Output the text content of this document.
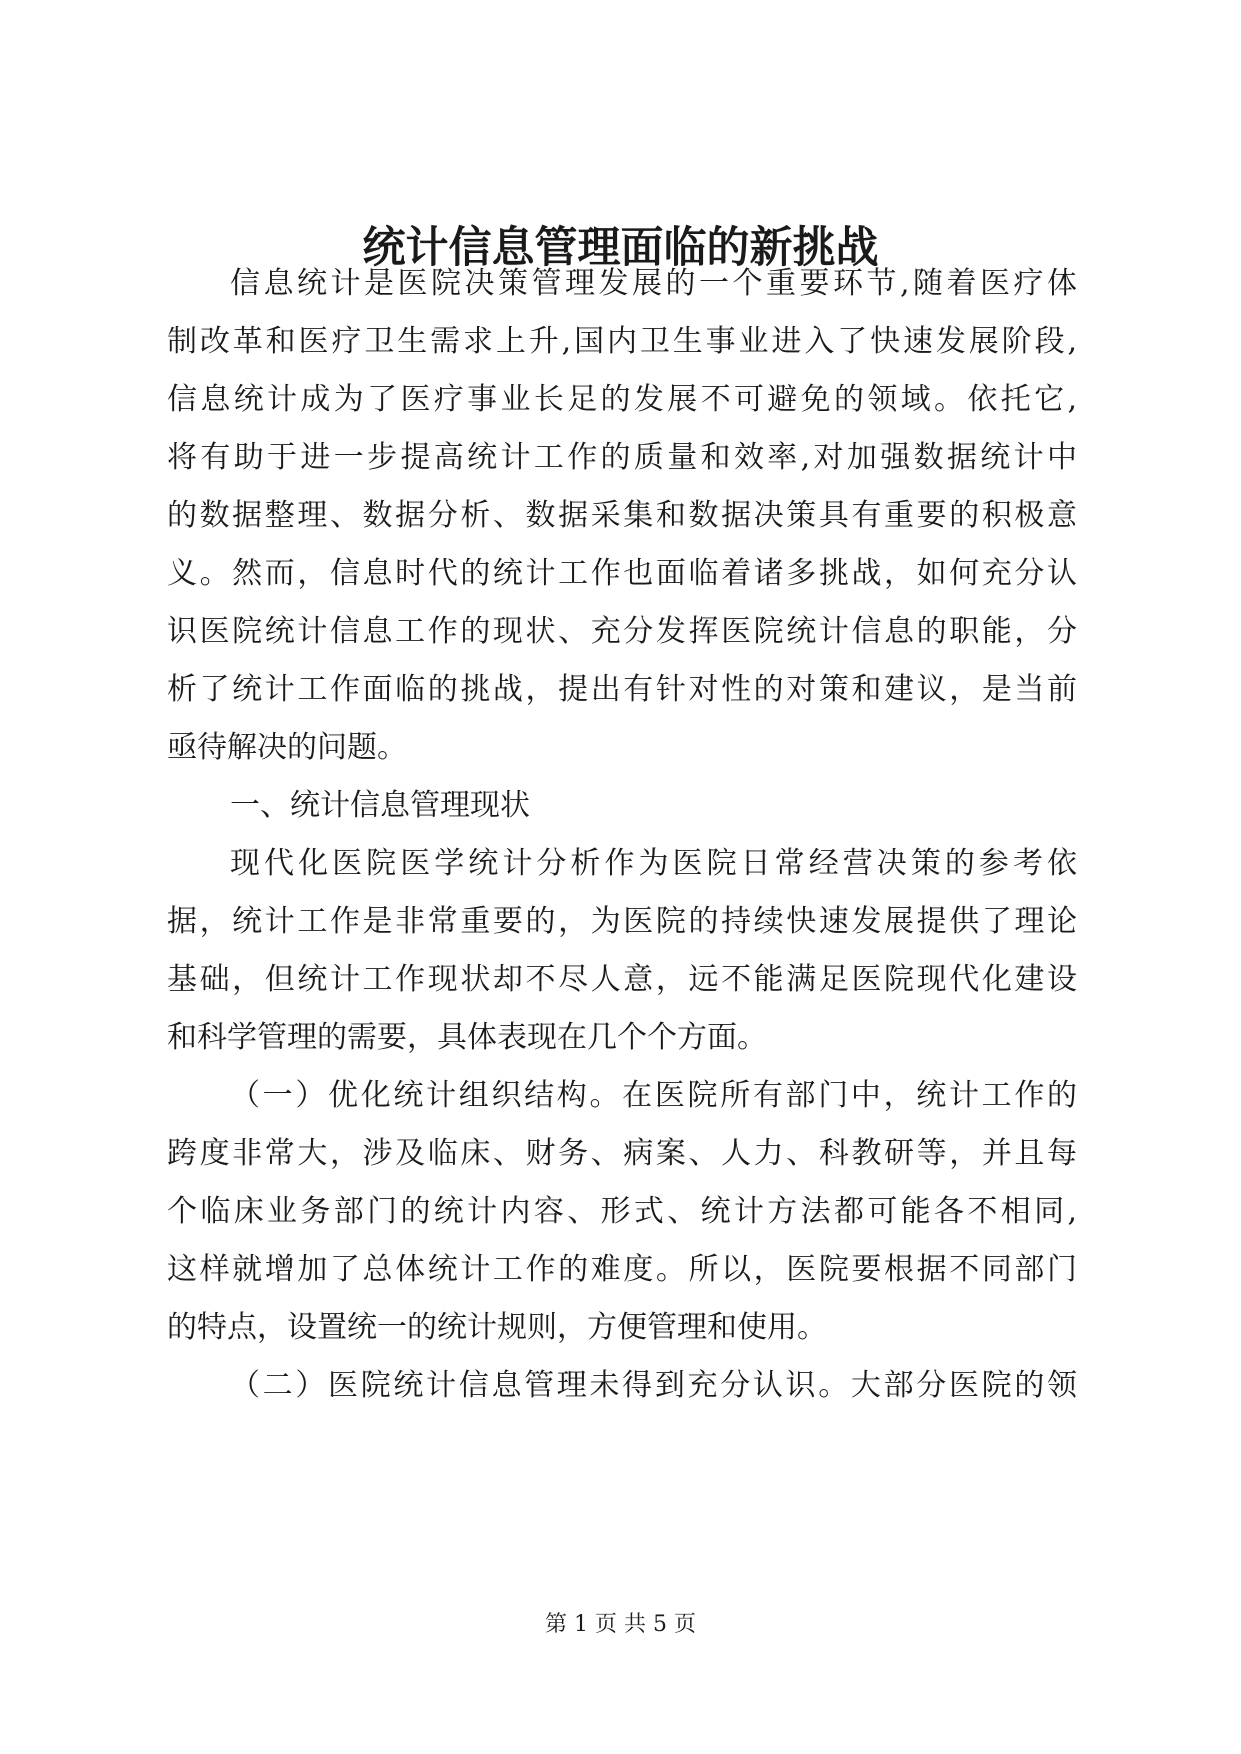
统计信息管理面临的新挑战

信息统计是医院决策管理发展的一个重要环节,随着医疗体

制改革和医疗卫生需求上升,国内卫生事业进入了快速发展阶段,

信息统计成为了医疗事业长足的发展不可避免的领域。依托它,

将有助于进一步提高统计工作的质量和效率,对加强数据统计中

的数据整理、数据分析、数据采集和数据决策具有重要的积极意

义。然而，信息时代的统计工作也面临着诸多挑战，如何充分认

识医院统计信息工作的现状、充分发挥医院统计信息的职能，分

析了统计工作面临的挑战，提出有针对性的对策和建议，是当前

亟待解决的问题。

一、统计信息管理现状

现代化医院医学统计分析作为医院日常经营决策的参考依

据，统计工作是非常重要的，为医院的持续快速发展提供了理论

基础，但统计工作现状却不尽人意，远不能满足医院现代化建设

和科学管理的需要，具体表现在几个个方面。

（一）优化统计组织结构。在医院所有部门中，统计工作的

跨度非常大，涉及临床、财务、病案、人力、科教研等，并且每

个临床业务部门的统计内容、形式、统计方法都可能各不相同,

这样就增加了总体统计工作的难度。所以，医院要根据不同部门

的特点，设置统一的统计规则，方便管理和使用。

（二）医院统计信息管理未得到充分认识。大部分医院的领

第 1 页 共 5 页
